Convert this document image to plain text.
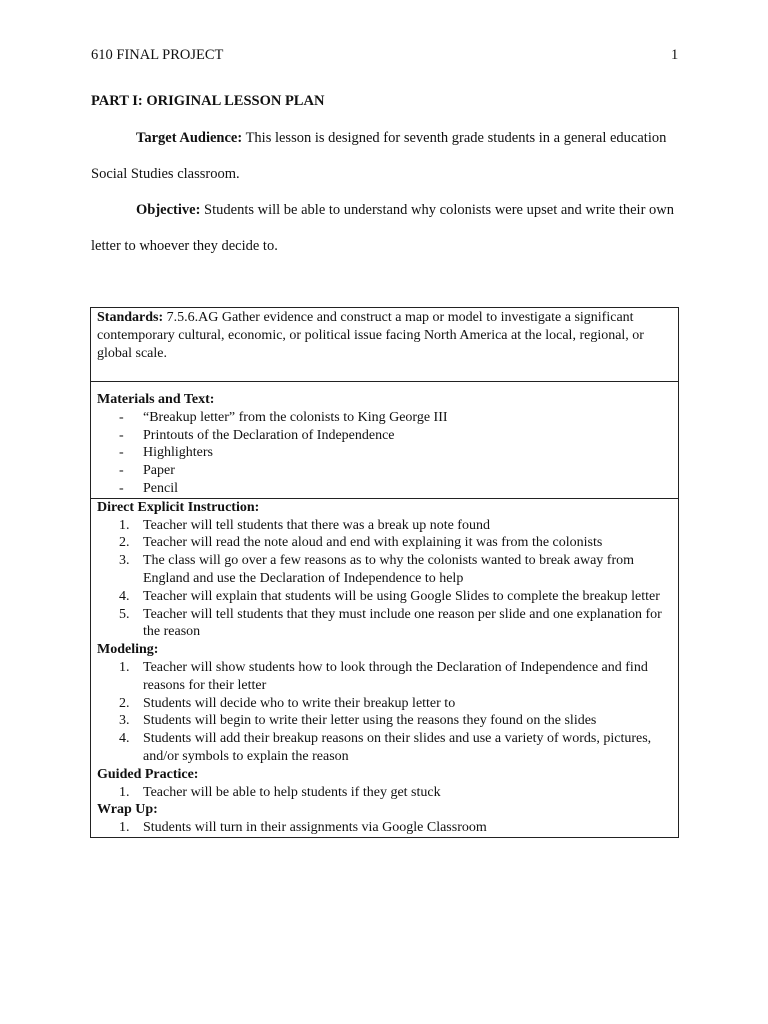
610 FINAL PROJECT	1
PART I: ORIGINAL LESSON PLAN
Target Audience: This lesson is designed for seventh grade students in a general education Social Studies classroom.
Objective: Students will be able to understand why colonists were upset and write their own letter to whoever they decide to.
Standards: 7.5.6.AG Gather evidence and construct a map or model to investigate a significant contemporary cultural, economic, or political issue facing North America at the local, regional, or global scale.

Materials and Text:
- “Breakup letter” from the colonists to King George III
- Printouts of the Declaration of Independence
- Highlighters
- Paper
- Pencil

Direct Explicit Instruction:
1. Teacher will tell students that there was a break up note found
2. Teacher will read the note aloud and end with explaining it was from the colonists
3. The class will go over a few reasons as to why the colonists wanted to break away from England and use the Declaration of Independence to help
4. Teacher will explain that students will be using Google Slides to complete the breakup letter
5. Teacher will tell students that they must include one reason per slide and one explanation for the reason
Modeling:
1. Teacher will show students how to look through the Declaration of Independence and find reasons for their letter
2. Students will decide who to write their breakup letter to
3. Students will begin to write their letter using the reasons they found on the slides
4. Students will add their breakup reasons on their slides and use a variety of words, pictures, and/or symbols to explain the reason
Guided Practice:
1. Teacher will be able to help students if they get stuck
Wrap Up:
1. Students will turn in their assignments via Google Classroom
